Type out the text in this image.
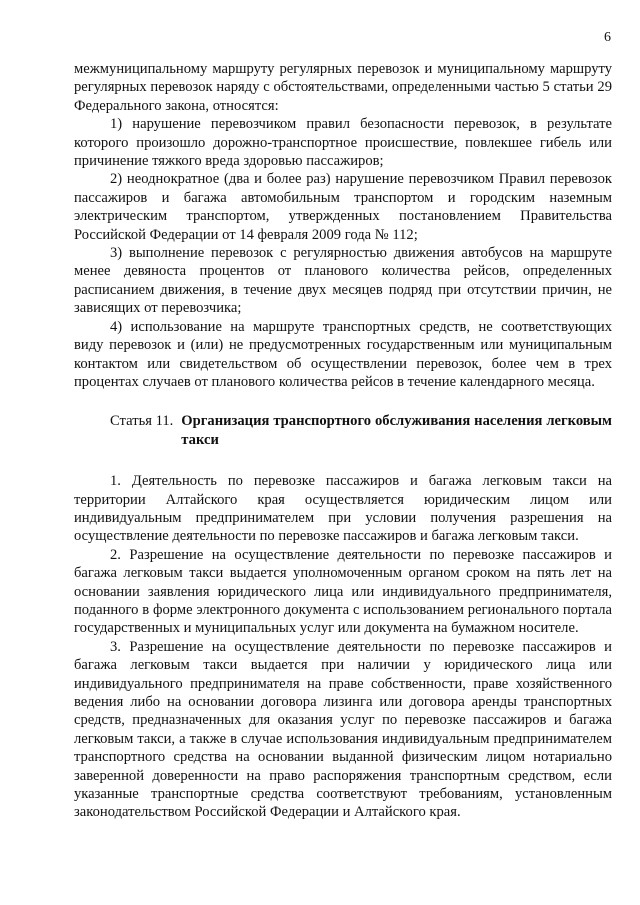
6

межмуниципальному маршруту регулярных перевозок и муниципальному маршруту регулярных перевозок наряду с обстоятельствами, определенными частью 5 статьи 29 Федерального закона, относятся:

1) нарушение перевозчиком правил безопасности перевозок, в результате которого произошло дорожно-транспортное происшествие, повлекшее гибель или причинение тяжкого вреда здоровью пассажиров;

2) неоднократное (два и более раз) нарушение перевозчиком Правил перевозок пассажиров и багажа автомобильным транспортом и городским наземным электрическим транспортом, утвержденных постановлением Правительства Российской Федерации от 14 февраля 2009 года № 112;

3) выполнение перевозок с регулярностью движения автобусов на маршруте менее девяноста процентов от планового количества рейсов, определенных расписанием движения, в течение двух месяцев подряд при отсутствии причин, не зависящих от перевозчика;

4) использование на маршруте транспортных средств, не соответствующих виду перевозок и (или) не предусмотренных государственным или муниципальным контактом или свидетельством об осуществлении перевозок, более чем в трех процентах случаев от планового количества рейсов в течение календарного месяца.

Статья 11. Организация транспортного обслуживания населения легковым такси

1. Деятельность по перевозке пассажиров и багажа легковым такси на территории Алтайского края осуществляется юридическим лицом или индивидуальным предпринимателем при условии получения разрешения на осуществление деятельности по перевозке пассажиров и багажа легковым такси.

2. Разрешение на осуществление деятельности по перевозке пассажиров и багажа легковым такси выдается уполномоченным органом сроком на пять лет на основании заявления юридического лица или индивидуального предпринимателя, поданного в форме электронного документа с использованием регионального портала государственных и муниципальных услуг или документа на бумажном носителе.

3. Разрешение на осуществление деятельности по перевозке пассажиров и багажа легковым такси выдается при наличии у юридического лица или индивидуального предпринимателя на праве собственности, праве хозяйственного ведения либо на основании договора лизинга или договора аренды транспортных средств, предназначенных для оказания услуг по перевозке пассажиров и багажа легковым такси, а также в случае использования индивидуальным предпринимателем транспортного средства на основании выданной физическим лицом нотариально заверенной доверенности на право распоряжения транспортным средством, если указанные транспортные средства соответствуют требованиям, установленным законодательством Российской Федерации и Алтайского края.
